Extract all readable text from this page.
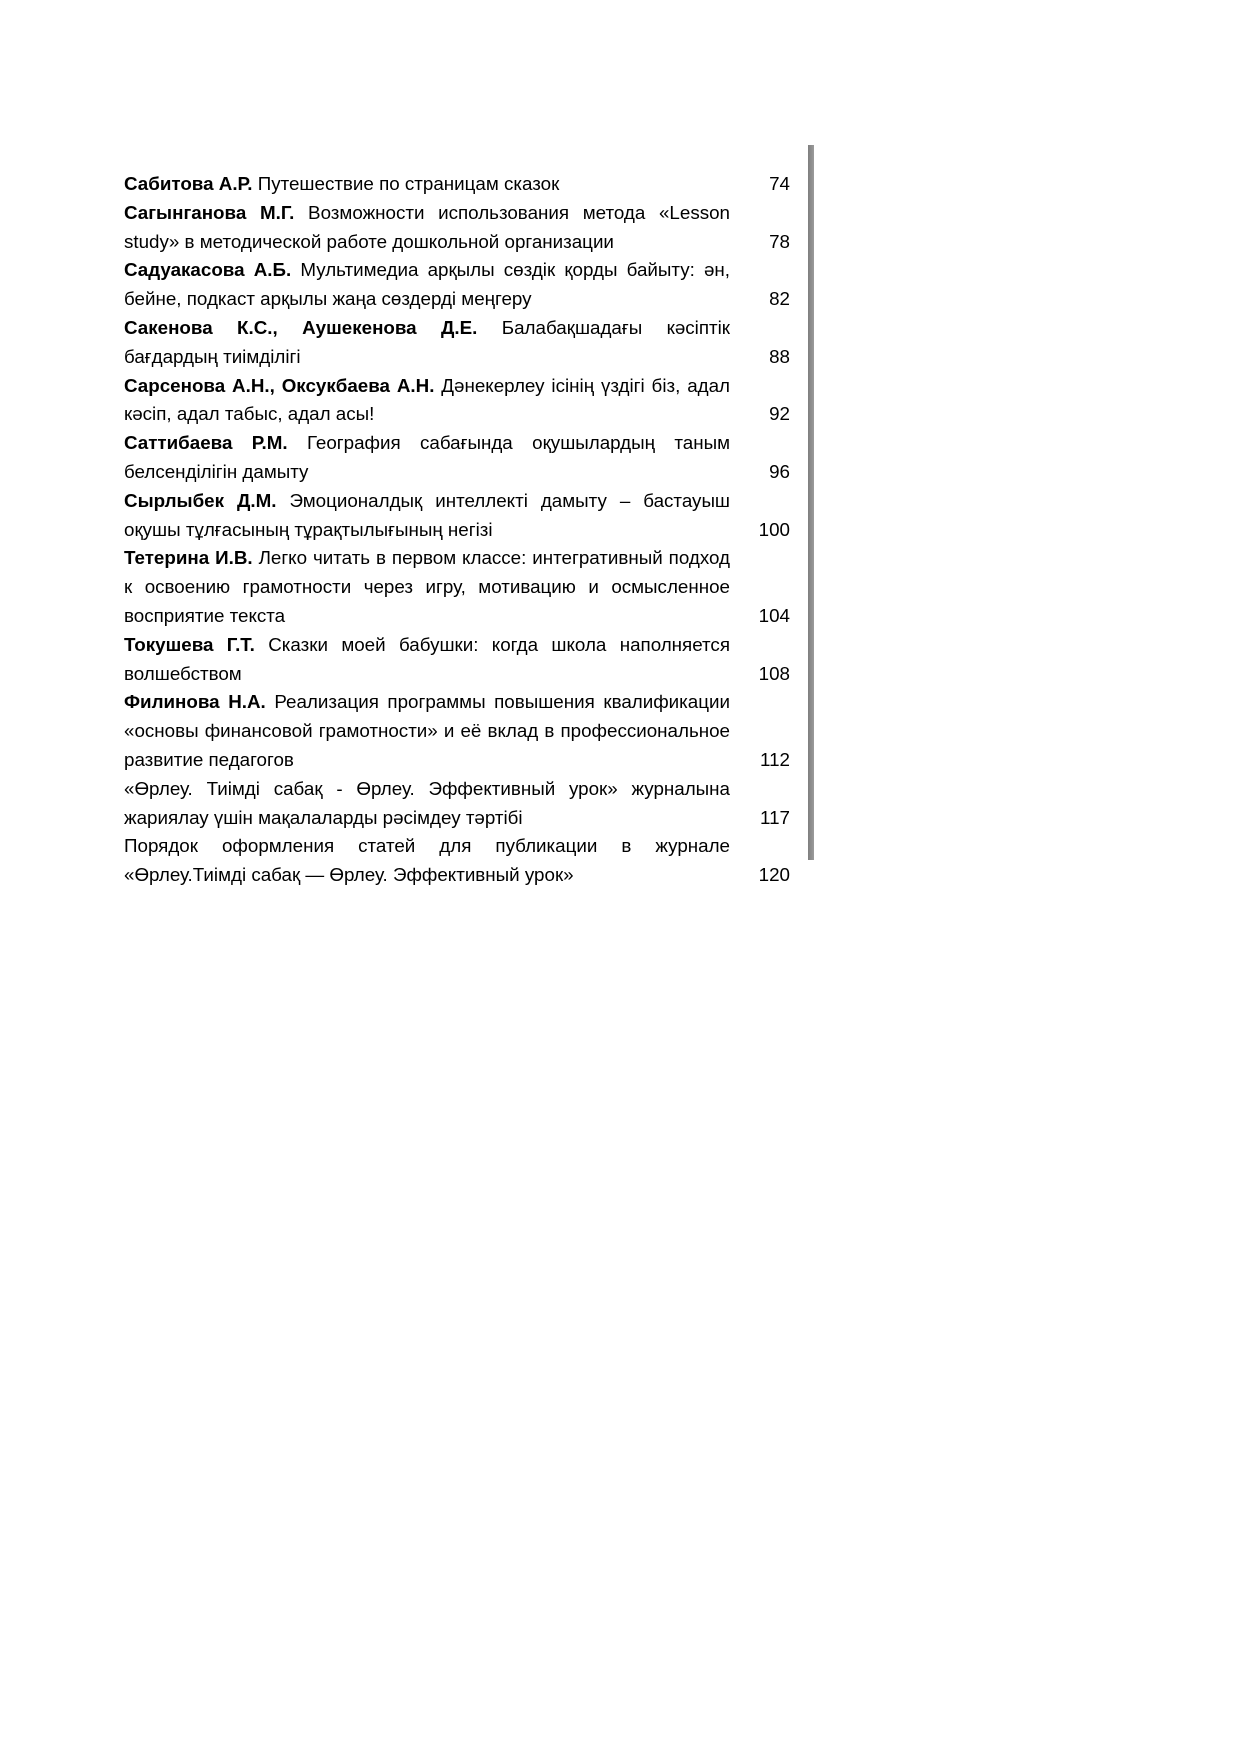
Сабитова А.Р. Путешествие по страницам сказок	74

Сагынганова М.Г. Возможности использования метода «Lesson study» в методической работе дошкольной организации	78

Садуакасова А.Б. Мультимедиа арқылы сөздік қорды байыту: ән, бейне, подкаст арқылы жаңа сөздерді меңгеру	82

Сакенова К.С., Аушекенова Д.Е. Балабақшадағы кәсіптік бағдардың тиімділігі	88

Сарсенова А.Н., Оксукбаева А.Н. Дәнекерлеу ісінің үздігі біз, адал кәсіп, адал табыс, адал асы!	92

Саттибаева Р.М. География сабағында оқушылардың таным белсенділігін дамыту	96

Сырлыбек Д.М. Эмоционалдық интеллекті дамыту – бастауыш оқушы тұлғасының тұрақтылығының негізі	100

Тетерина И.В. Легко читать в первом классе: интегративный подход к освоению грамотности через игру, мотивацию и осмысленное восприятие текста	104

Токушева Г.Т. Сказки моей бабушки: когда школа наполняется волшебством	108

Филинова Н.А. Реализация программы повышения квалификации «основы финансовой грамотности» и её вклад в профессиональное развитие педагогов	112

«Өрлеу. Тиімді сабақ - Өрлеу. Эффективный урок» журналына жариялау үшін мақалаларды рәсімдеу тәртібі	117

Порядок оформления статей для публикации в журнале «Өрлеу.Тиімді сабақ — Өрлеу. Эффективный урок»	120
